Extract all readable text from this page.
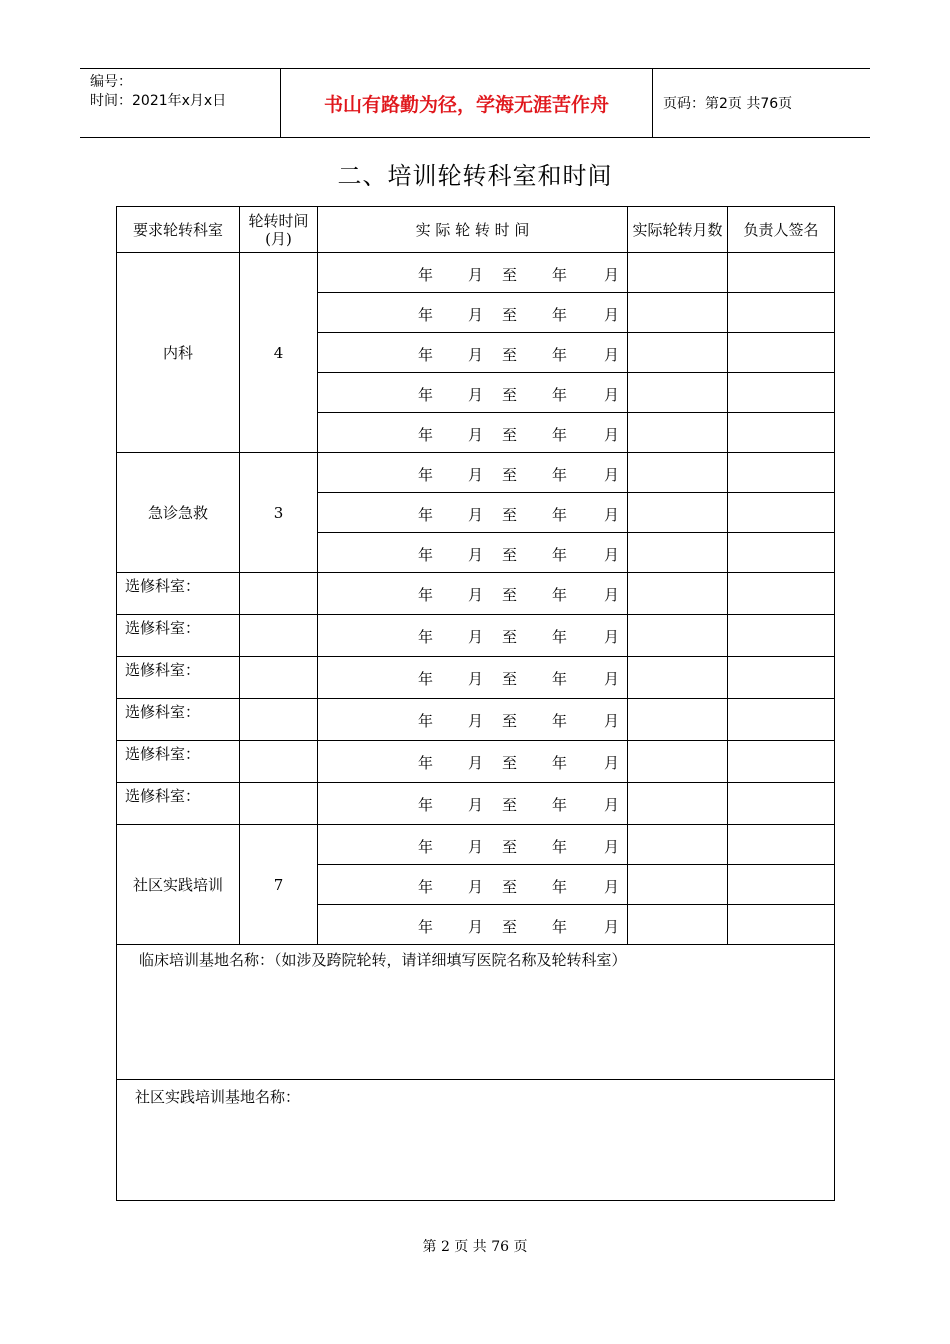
编号：
时间：2021年x月x日	书山有路勤为径，学海无涯苦作舟	页码：第2页 共76页
二、培训轮转科室和时间
要求轮转科室	轮转时间(月)	实 际 轮 转 时 间	实际轮转月数	负责人签名
内科	4	年 月 至 年 月		

		年 月 至 年 月		

		年 月 至 年 月		

		年 月 至 年 月		

		年 月 至 年 月		

急诊急救	3	年 月 至 年 月		

		年 月 至 年 月		

		年 月 至 年 月		

选修科室：		年 月 至 年 月		

选修科室：		年 月 至 年 月		

选修科室：		年 月 至 年 月		

选修科室：		年 月 至 年 月		

选修科室：		年 月 至 年 月		

选修科室：		年 月 至 年 月		

社区实践培训	7	年 月 至 年 月		

		年 月 至 年 月		

		年 月 至 年 月		

临床培训基地名称：（如涉及跨院轮转，请详细填写医院名称及轮转科室）				

社区实践培训基地名称：				
第 2 页 共 76 页
